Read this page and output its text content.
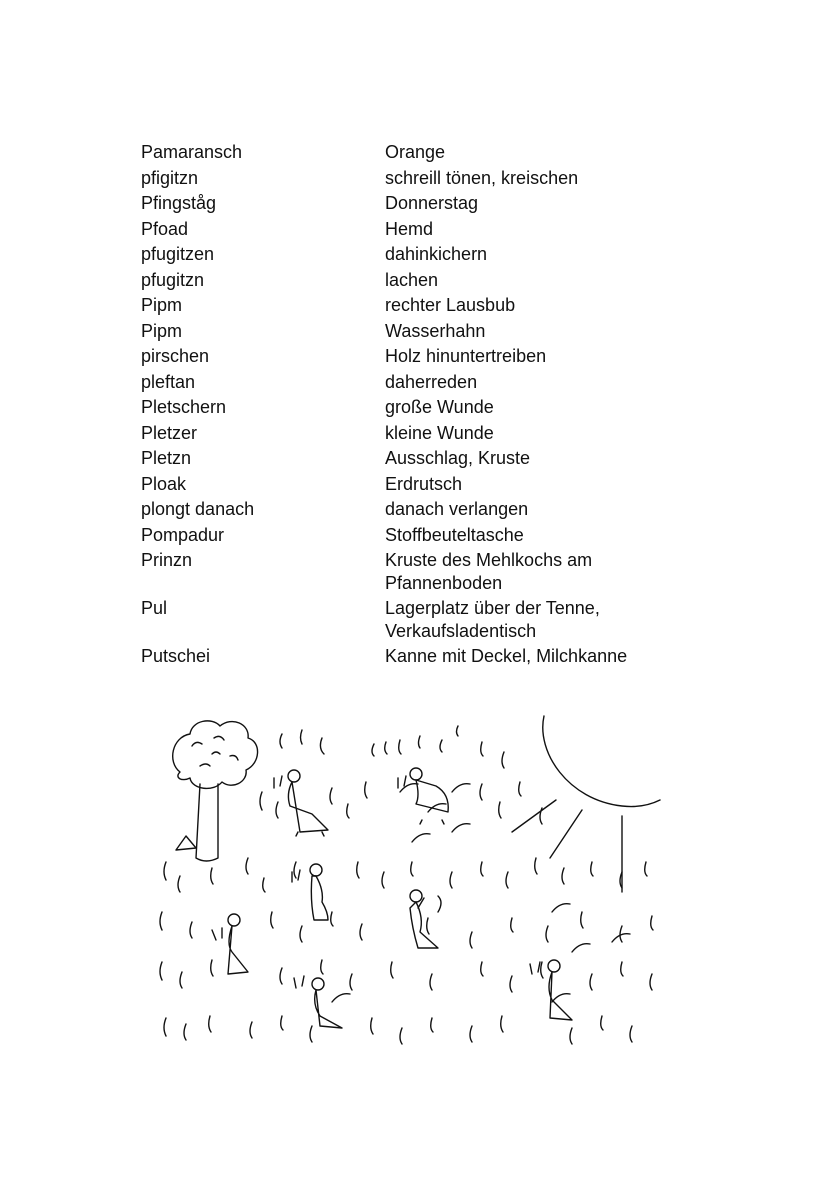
Pamaransch	Orange
pfigitzn	schreill tönen, kreischen
Pfingståg	Donnerstag
Pfoad	Hemd
pfugitzen	dahinkichern
pfugitzn	lachen
Pipm	rechter Lausbub
Pipm	Wasserhahn
pirschen	Holz hinuntertreiben
pleftan	daherreden
Pletschern	große Wunde
Pletzer	kleine Wunde
Pletzn	Ausschlag, Kruste
Ploak	Erdrutsch
plongt danach	danach verlangen
Pompadur	Stoffbeuteltasche
Prinzn	Kruste des Mehlkochs am
Pfannenboden
Pul	Lagerplatz über der Tenne,
Verkaufsladentisch
Putschei	Kanne mit Deckel, Milchkanne
